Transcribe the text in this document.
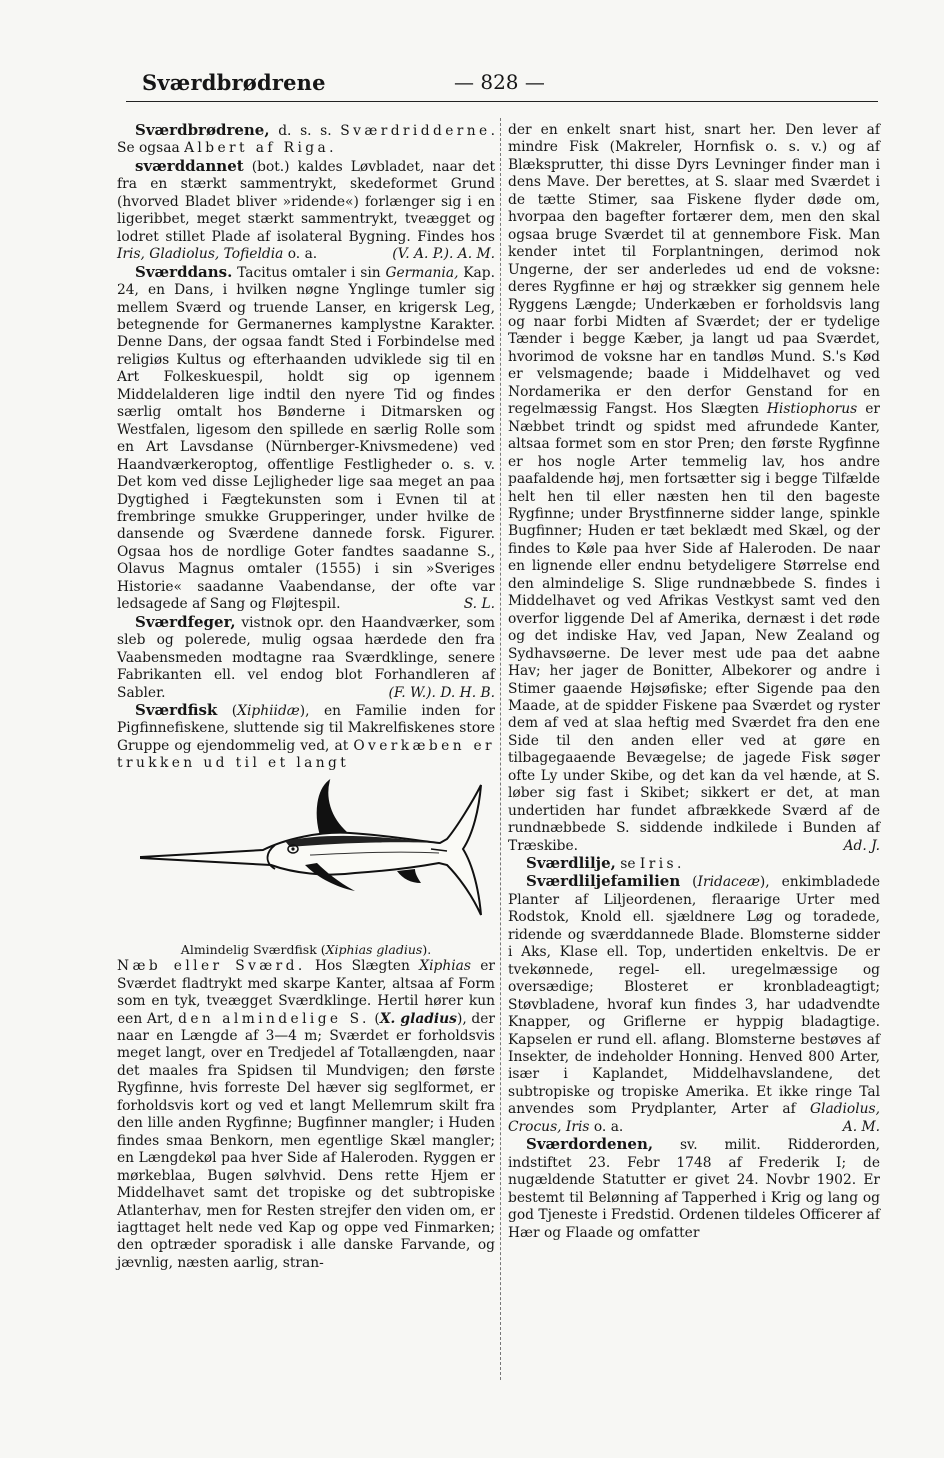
Sværdbrødrene	— 828 —

Sværdbrødrene, d. s. s. Sværdridderne. Se ogsaa Albert af Riga.

sværddannet (bot.) kaldes Løvbladet, naar det fra en stærkt sammentrykt, skedeformet Grund (hvorved Bladet bliver »ridende«) forlænger sig i en ligeribbet, meget stærkt sammentrykt, tveægget og lodret stillet Plade af isolateral Bygning. Findes hos Iris, Gladiolus, Tofieldia o. a.	(V. A. P.). A. M.

Sværddans. Tacitus omtaler i sin Germania, Kap. 24, en Dans, i hvilken nøgne Ynglinge tumler sig mellem Sværd og truende Lanser, en krigersk Leg, betegnende for Germanernes kamplystne Karakter. Denne Dans, der ogsaa fandt Sted i Forbindelse med religiøs Kultus og efterhaanden udviklede sig til en Art Folkeskuespil, holdt sig op igennem Middelalderen lige indtil den nyere Tid og findes særlig omtalt hos Bønderne i Ditmarsken og Westfalen, ligesom den spillede en særlig Rolle som en Art Lavsdanse (Nürnberger-Knivsmedene) ved Haandværkeroptog, offentlige Festligheder o. s. v. Det kom ved disse Lejligheder lige saa meget an paa Dygtighed i Fægtekunsten som i Evnen til at frembringe smukke Grupperinger, under hvilke de dansende og Sværdene dannede forsk. Figurer. Ogsaa hos de nordlige Goter fandtes saadanne S., Olavus Magnus omtaler (1555) i sin »Sveriges Historie« saadanne Vaabendanse, der ofte var ledsagede af Sang og Fløjtespil.	S. L.

Sværdfeger, vistnok opr. den Haandværker, som sleb og polerede, mulig ogsaa hærdede den fra Vaabensmeden modtagne raa Sværdklinge, senere Fabrikanten ell. vel endog blot Forhandleren af Sabler.	(F. W.). D. H. B.

Sværdfisk (Xiphiidæ), en Familie inden for Pigfinnefiskene, sluttende sig til Makrelfiskenes store Gruppe og ejendommelig ved, at Overkæben er trukken ud til et langt

Almindelig Sværdfisk (Xiphias gladius).

Næb eller Sværd. Hos Slægten Xiphias er Sværdet fladtrykt med skarpe Kanter, altsaa af Form som en tyk, tveægget Sværdklinge. Hertil hører kun een Art, den almindelige S. (X. gladius), der naar en Længde af 3—4 m; Sværdet er forholdsvis meget langt, over en Tredjedel af Totallængden, naar det maales fra Spidsen til Mundvigen; den første Rygfinne, hvis forreste Del hæver sig seglformet, er forholdsvis kort og ved et langt Mellemrum skilt fra den lille anden Rygfinne; Bugfinner mangler; i Huden findes smaa Benkorn, men egentlige Skæl mangler; en Længdekøl paa hver Side af Haleroden. Ryggen er mørkeblaa, Bugen sølvhvid. Dens rette Hjem er Middelhavet samt det tropiske og det subtropiske Atlanterhav, men for Resten strejfer den viden om, er iagttaget helt nede ved Kap og oppe ved Finmarken; den optræder sporadisk i alle danske Farvande, og jævnlig, næsten aarlig, stran-

der en enkelt snart hist, snart her. Den lever af mindre Fisk (Makreler, Hornfisk o. s. v.) og af Blæksprutter, thi disse Dyrs Levninger finder man i dens Mave. Der berettes, at S. slaar med Sværdet i de tætte Stimer, saa Fiskene flyder døde om, hvorpaa den bagefter fortærer dem, men den skal ogsaa bruge Sværdet til at gennembore Fisk. Man kender intet til Forplantningen, derimod nok Ungerne, der ser anderledes ud end de voksne: deres Rygfinne er høj og strækker sig gennem hele Ryggens Længde; Underkæben er forholdsvis lang og naar forbi Midten af Sværdet; der er tydelige Tænder i begge Kæber, ja langt ud paa Sværdet, hvorimod de voksne har en tandløs Mund. S.'s Kød er velsmagende; baade i Middelhavet og ved Nordamerika er den derfor Genstand for en regelmæssig Fangst. Hos Slægten Histiophorus er Næbbet trindt og spidst med afrundede Kanter, altsaa formet som en stor Pren; den første Rygfinne er hos nogle Arter temmelig lav, hos andre paafaldende høj, men fortsætter sig i begge Tilfælde helt hen til eller næsten hen til den bageste Rygfinne; under Brystfinnerne sidder lange, spinkle Bugfinner; Huden er tæt beklædt med Skæl, og der findes to Køle paa hver Side af Haleroden. De naar en lignende eller endnu betydeligere Størrelse end den almindelige S. Slige rundnæbbede S. findes i Middelhavet og ved Afrikas Vestkyst samt ved den overfor liggende Del af Amerika, dernæst i det røde og det indiske Hav, ved Japan, New Zealand og Sydhavsøerne. De lever mest ude paa det aabne Hav; her jager de Bonitter, Albekorer og andre i Stimer gaaende Højsøfiske; efter Sigende paa den Maade, at de spidder Fiskene paa Sværdet og ryster dem af ved at slaa heftig med Sværdet fra den ene Side til den anden eller ved at gøre en tilbagegaaende Bevægelse; de jagede Fisk søger ofte Ly under Skibe, og det kan da vel hænde, at S. løber sig fast i Skibet; sikkert er det, at man undertiden har fundet afbrækkede Sværd af de rundnæbbede S. siddende indkilede i Bunden af Træskibe.	Ad. J.

Sværdlilje, se Iris.

Sværdliljefamilien (Iridaceæ), enkimbladede Planter af Liljeordenen, fleraarige Urter med Rodstok, Knold ell. sjældnere Løg og toradede, ridende og sværddannede Blade. Blomsterne sidder i Aks, Klase ell. Top, undertiden enkeltvis. De er tvekønnede, regel- ell. uregelmæssige og oversædige; Blosteret er kronbladeagtigt; Støvbladene, hvoraf kun findes 3, har udadvendte Knapper, og Griflerne er hyppig bladagtige. Kapselen er rund ell. aflang. Blomsterne bestøves af Insekter, de indeholder Honning. Henved 800 Arter, især i Kaplandet, Middelhavslandene, det subtropiske og tropiske Amerika. Et ikke ringe Tal anvendes som Prydplanter, Arter af Gladiolus, Crocus, Iris o. a.	A. M.

Sværdordenen, sv. milit. Ridderorden, indstiftet 23. Febr 1748 af Frederik I; de nugældende Statutter er givet 24. Novbr 1902. Er bestemt til Belønning af Tapperhed i Krig og lang og god Tjeneste i Fredstid. Ordenen tildeles Officerer af Hær og Flaade og omfatter
